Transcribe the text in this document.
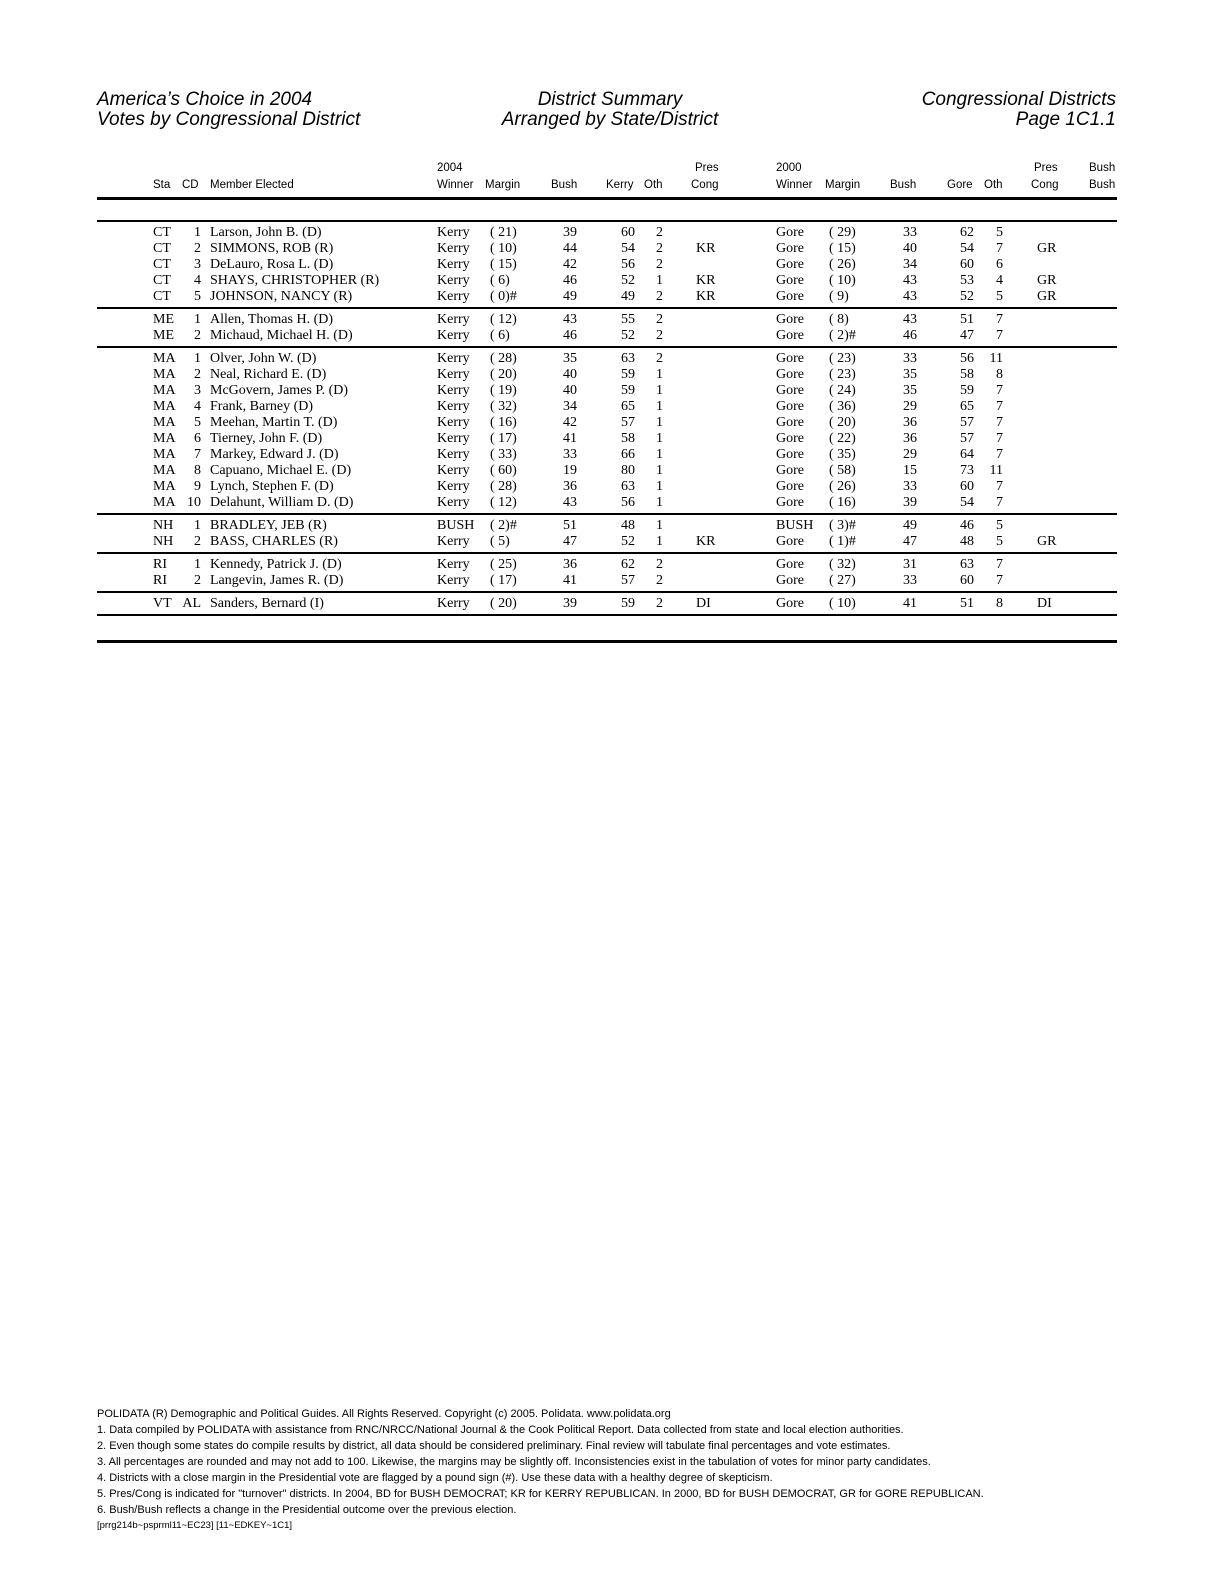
America’s Choice in 2004
Votes by Congressional District
District Summary
Arranged by State/District
Congressional Districts
Page 1C1.1
2004	Pres	2000	Pres	Bush
Sta CD Member Elected	Winner Margin	Bush	Kerry Oth Cong	Winner Margin	Bush	Gore Oth Cong	Bush
CT	1 Larson, John B. (D)	Kerry ( 21)	39	60	2	Gore ( 29)	33	62	5
CT	2 SIMMONS, ROB (R)	Kerry ( 10)	44	54	2 KR	Gore ( 15)	40	54	7 GR
CT	3 DeLauro, Rosa L. (D)	Kerry ( 15)	42	56	2	Gore ( 26)	34	60	6
CT	4 SHAYS, CHRISTOPHER (R)	Kerry ( 6)	46	52	1 KR	Gore ( 10)	43	53	4 GR
CT	5 JOHNSON, NANCY (R)	Kerry ( 0)#	49	49	2 KR	Gore ( 9)	43	52	5 GR
ME	1 Allen, Thomas H. (D)	Kerry ( 12)	43	55	2	Gore ( 8)	43	51	7
ME	2 Michaud, Michael H. (D)	Kerry ( 6)	46	52	2	Gore ( 2)#	46	47	7
MA	1 Olver, John W. (D)	Kerry ( 28)	35	63	2	Gore ( 23)	33	56	11
MA	2 Neal, Richard E. (D)	Kerry ( 20)	40	59	1	Gore ( 23)	35	58	8
MA	3 McGovern, James P. (D)	Kerry ( 19)	40	59	1	Gore ( 24)	35	59	7
MA	4 Frank, Barney (D)	Kerry ( 32)	34	65	1	Gore ( 36)	29	65	7
MA	5 Meehan, Martin T. (D)	Kerry ( 16)	42	57	1	Gore ( 20)	36	57	7
MA	6 Tierney, John F. (D)	Kerry ( 17)	41	58	1	Gore ( 22)	36	57	7
MA	7 Markey, Edward J. (D)	Kerry ( 33)	33	66	1	Gore ( 35)	29	64	7
MA	8 Capuano, Michael E. (D)	Kerry ( 60)	19	80	1	Gore ( 58)	15	73	11
MA	9 Lynch, Stephen F. (D)	Kerry ( 28)	36	63	1	Gore ( 26)	33	60	7
MA 10 Delahunt, William D. (D)	Kerry ( 12)	43	56	1	Gore ( 16)	39	54	7
NH	1 BRADLEY, JEB (R)	BUSH ( 2)#	51	48	1	BUSH ( 3)#	49	46	5
NH	2 BASS, CHARLES (R)	Kerry ( 5)	47	52	1 KR	Gore ( 1)#	47	48	5 GR
RI	1 Kennedy, Patrick J. (D)	Kerry ( 25)	36	62	2	Gore ( 32)	31	63	7
RI	2 Langevin, James R. (D)	Kerry ( 17)	41	57	2	Gore ( 27)	33	60	7
VT AL Sanders, Bernard (I)	Kerry ( 20)	39	59	2 DI	Gore ( 10)	41	51	8 DI
POLIDATA (R) Demographic and Political Guides. All Rights Reserved. Copyright (c) 2005. Polidata. www.polidata.org
1. Data compiled by POLIDATA with assistance from RNC/NRCC/National Journal & the Cook Political Report. Data collected from state and local election authorities.
2. Even though some states do compile results by district, all data should be considered preliminary. Final review will tabulate final percentages and vote estimates.
3. All percentages are rounded and may not add to 100. Likewise, the margins may be slightly off. Inconsistencies exist in the tabulation of votes for minor party candidates.
4. Districts with a close margin in the Presidential vote are flagged by a pound sign (#). Use these data with a healthy degree of skepticism.
5. Pres/Cong is indicated for "turnover" districts. In 2004, BD for BUSH DEMOCRAT; KR for KERRY REPUBLICAN. In 2000, BD for BUSH DEMOCRAT, GR for GORE REPUBLICAN.
6. Bush/Bush reflects a change in the Presidential outcome over the previous election.
[prrg214b~psprml11~EC23] [11~EDKEY~1C1]
